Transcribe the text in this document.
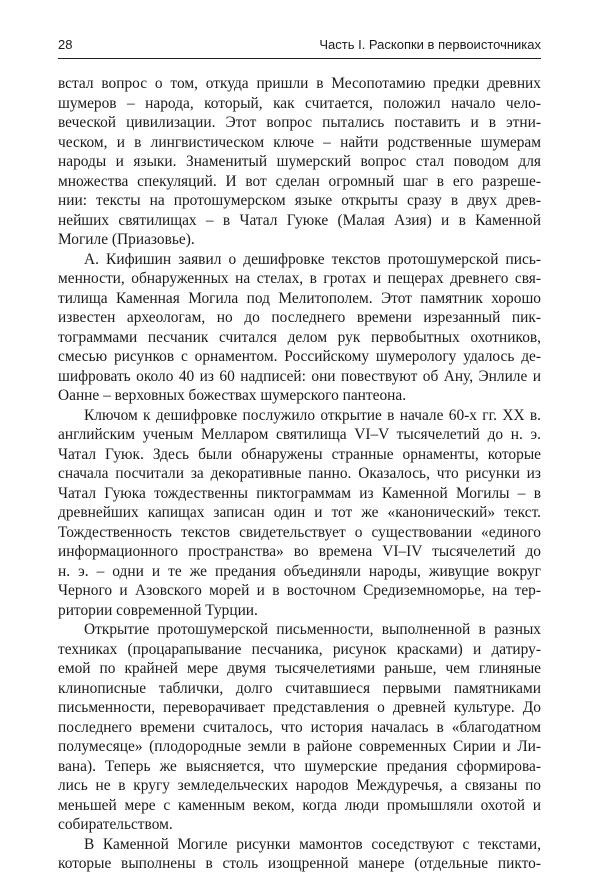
28	Часть I. Раскопки в первоисточниках
встал вопрос о том, откуда пришли в Месопотамию предки древних
шумеров – народа, который, как считается, положил начало чело-
веческой цивилизации. Этот вопрос пытались поставить и в этни-
ческом, и в лингвистическом ключе – найти родственные шумерам
народы и языки. Знаменитый шумерский вопрос стал поводом для
множества спекуляций. И вот сделан огромный шаг в его разреше-
нии: тексты на протошумерском языке открыты сразу в двух древ-
нейших святилищах – в Чатал Гуюке (Малая Азия) и в Каменной
Могиле (Приазовье).
А. Кифишин заявил о дешифровке текстов протошумерской пись-
менности, обнаруженных на стелах, в гротах и пещерах древнего свя-
тилища Каменная Могила под Мелитополем. Этот памятник хорошо
известен археологам, но до последнего времени изрезанный пик-
тограммами песчаник считался делом рук первобытных охотников,
смесью рисунков с орнаментом. Российскому шумерологу удалось де-
шифровать около 40 из 60 надписей: они повествуют об Ану, Энлиле и
Оанне – верховных божествах шумерского пантеона.
Ключом к дешифровке послужило открытие в начале 60-х гг. XX в.
английским ученым Мелларом святилища VI–V тысячелетий до н. э.
Чатал Гуюк. Здесь были обнаружены странные орнаменты, которые
сначала посчитали за декоративные панно. Оказалось, что рисунки из
Чатал Гуюка тождественны пиктограммам из Каменной Могилы – в
древнейших капищах записан один и тот же «канонический» текст.
Тождественность текстов свидетельствует о существовании «единого
информационного пространства» во времена VI–IV тысячелетий до
н. э. – одни и те же предания объединяли народы, живущие вокруг
Черного и Азовского морей и в восточном Средиземноморье, на тер-
ритории современной Турции.
Открытие протошумерской письменности, выполненной в разных
техниках (процарапывание песчаника, рисунок красками) и датиру-
емой по крайней мере двумя тысячелетиями раньше, чем глиняные
клинописные таблички, долго считавшиеся первыми памятниками
письменности, переворачивает представления о древней культуре. До
последнего времени считалось, что история началась в «благодатном
полумесяце» (плодородные земли в районе современных Сирии и Ли-
вана). Теперь же выясняется, что шумерские предания сформирова-
лись не в кругу земледельческих народов Междуречья, а связаны по
меньшей мере с каменным веком, когда люди промышляли охотой и
собирательством.
В Каменной Могиле рисунки мамонтов соседствуют с текстами,
которые выполнены в столь изощренной манере (отдельные пикто-
